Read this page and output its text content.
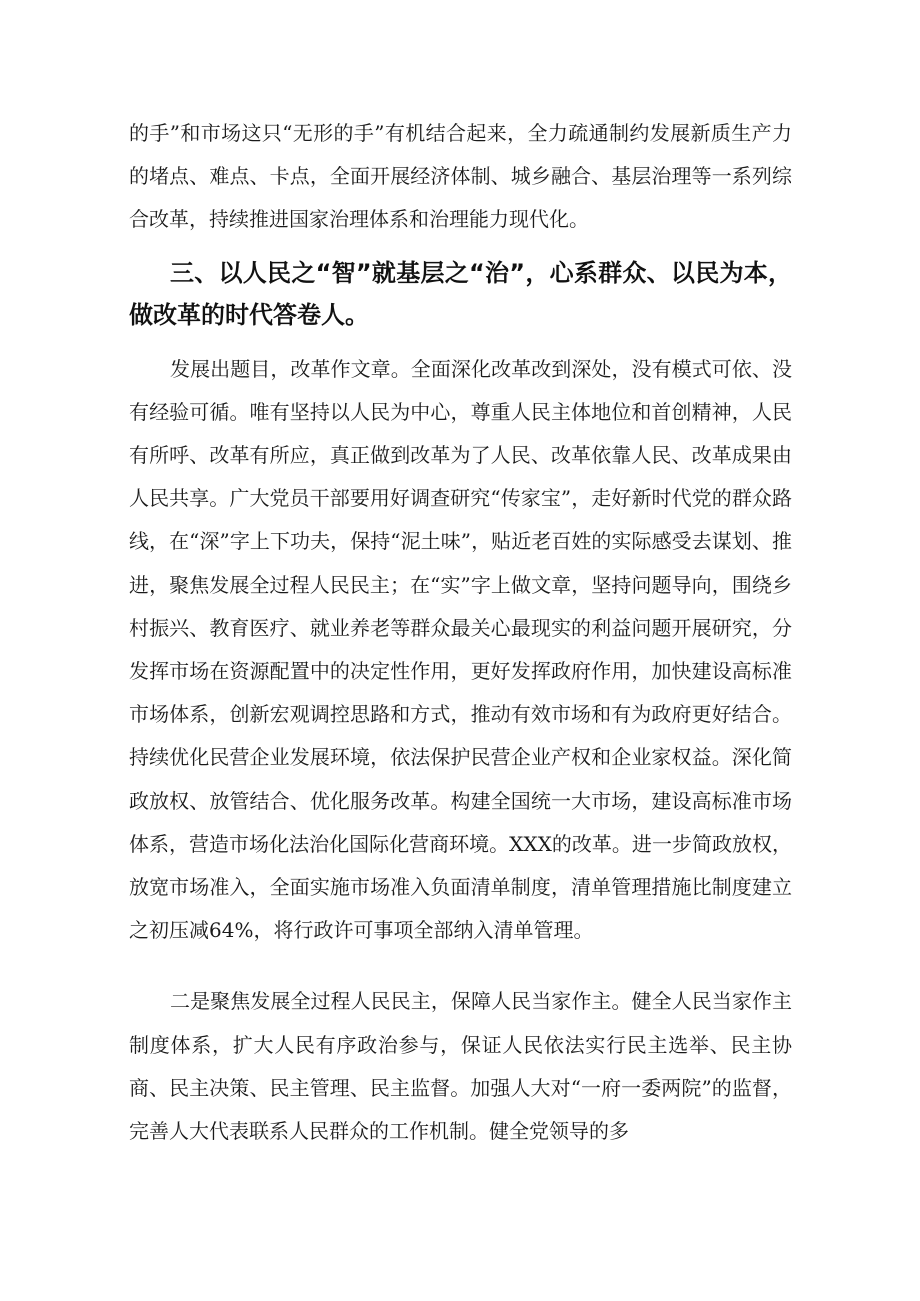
的手”和市场这只“无形的手”有机结合起来，全力疏通制约发展新质生产力的堵点、难点、卡点，全面开展经济体制、城乡融合、基层治理等一系列综合改革，持续推进国家治理体系和治理能力现代化。

三、以人民之“智”就基层之“治”，心系群众、以民为本，做改革的时代答卷人。

发展出题目，改革作文章。全面深化改革改到深处，没有模式可依、没有经验可循。唯有坚持以人民为中心，尊重人民主体地位和首创精神，人民有所呼、改革有所应，真正做到改革为了人民、改革依靠人民、改革成果由人民共享。广大党员干部要用好调查研究“传家宝”，走好新时代党的群众路线，在“深”字上下功夫，保持“泥土味”，贴近老百姓的实际感受去谋划、推进，聚焦发展全过程人民民主；在“实”字上做文章，坚持问题导向，围绕乡村振兴、教育医疗、就业养老等群众最关心最现实的利益问题开展研究，分发挥市场在资源配置中的决定性作用，更好发挥政府作用，加快建设高标准市场体系，创新宏观调控思路和方式，推动有效市场和有为政府更好结合。持续优化民营企业发展环境，依法保护民营企业产权和企业家权益。深化简政放权、放管结合、优化服务改革。构建全国统一大市场，建设高标准市场体系，营造市场化法治化国际化营商环境。XXX的改革。进一步简政放权，放宽市场准入，全面实施市场准入负面清单制度，清单管理措施比制度建立之初压减64%，将行政许可事项全部纳入清单管理。

二是聚焦发展全过程人民民主，保障人民当家作主。健全人民当家作主制度体系，扩大人民有序政治参与，保证人民依法实行民主选举、民主协商、民主决策、民主管理、民主监督。加强人大对“一府一委两院”的监督，完善人大代表联系人民群众的工作机制。健全党领导的多
